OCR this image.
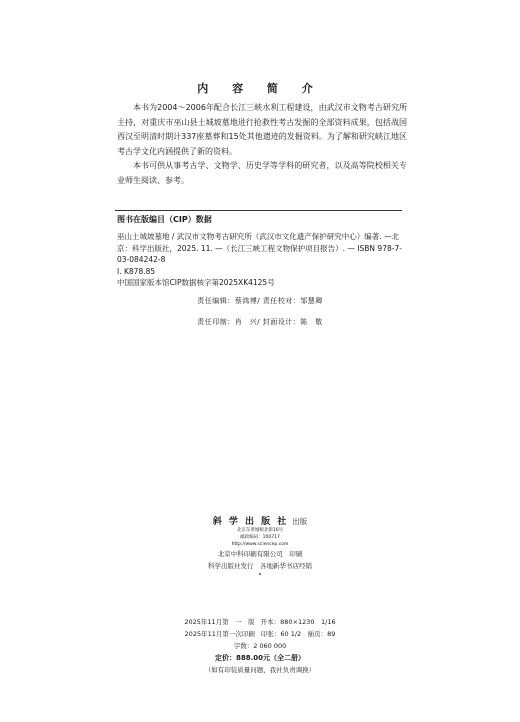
内 容 简 介

本书为2004～2006年配合长江三峡水利工程建设，由武汉市文物考古研究所主持，对重庆市巫山县土城坡墓地进行抢救性考古发掘的全部资料成果，包括战国西汉至明清时期计337座墓葬和15处其他遗迹的发掘资料。为了解和研究峡江地区考古学文化内涵提供了新的资料。

本书可供从事考古学、文物学、历史学等学科的研究者，以及高等院校相关专业师生阅读、参考。

图书在版编目（CIP）数据
巫山土城坡墓地 / 武汉市文物考古研究所（武汉市文化遗产保护研究中心）编著. —北京：科学出版社，2025. 11. —（长江三峡工程文物保护项目报告）. — ISBN 978-7-03-084242-8
Ⅰ. K878.85
中国国家版本馆CIP数据核字第2025XK4125号
责任编辑：蔡鸿博/ 责任校对：邹慧卿
责任印制：肖　兴/ 封面设计：陈　敬
斜 学 出 版 社 出版
北京东黄城根北街16号
邮政编码：100717
http://www.sciencep.com
北京中科印刷有限公司　印刷
科学出版社发行　各地新华书店经销
*
2025年11月第　一　版 开本：880×1230　1/16
2025年11月第一次印刷 印张：60 1/2　插页：89
字数：2 060 000
定价：888.00元（全二册）
（如有印装质量问题，我社负责调换）
